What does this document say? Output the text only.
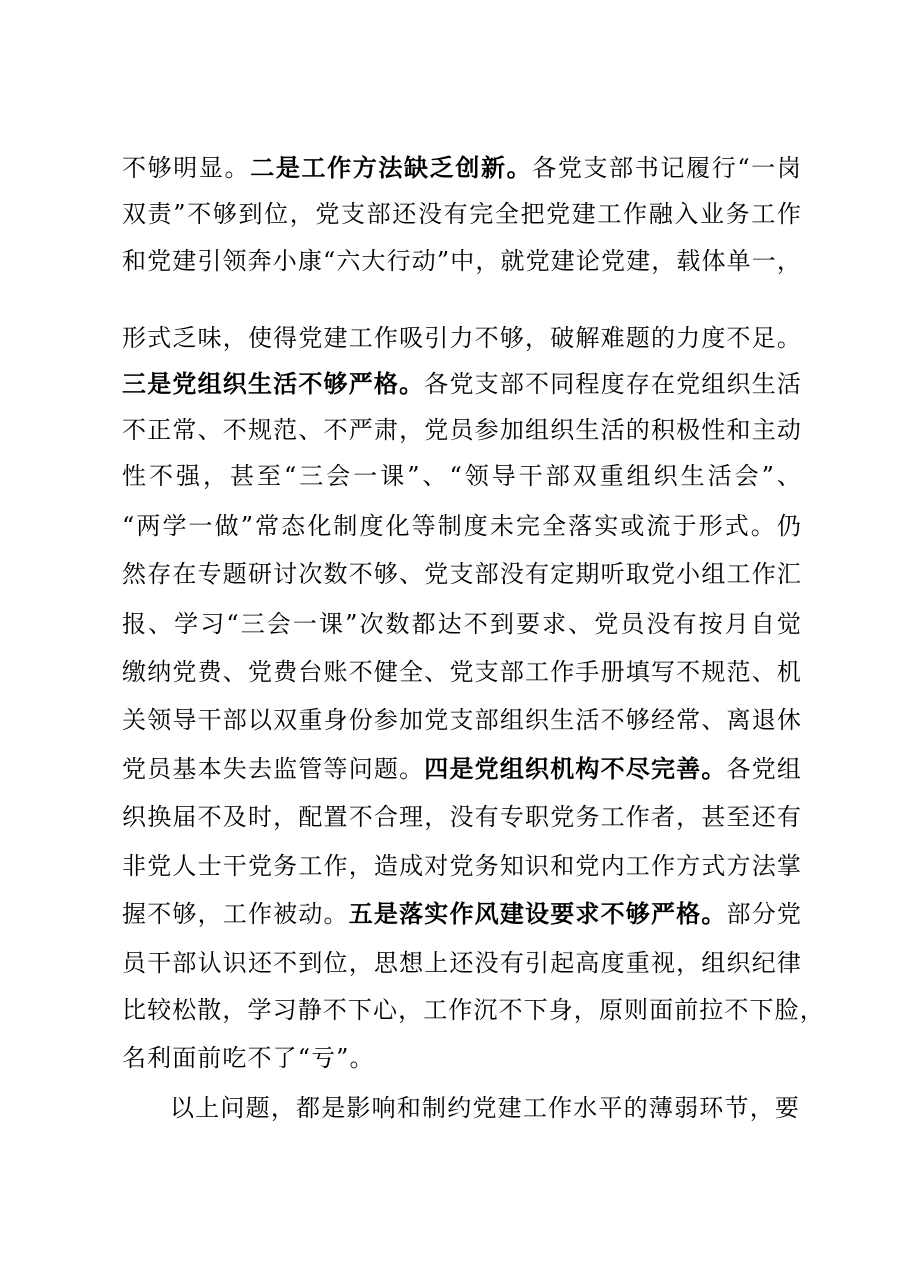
不够明显。二是工作方法缺乏创新。各党支部书记履行“一岗
双责”不够到位，党支部还没有完全把党建工作融入业务工作
和党建引领奔小康“六大行动”中，就党建论党建，载体单一，
形式乏味，使得党建工作吸引力不够，破解难题的力度不足。
三是党组织生活不够严格。各党支部不同程度存在党组织生活
不正常、不规范、不严肃，党员参加组织生活的积极性和主动
性不强，甚至“三会一课”、“领导干部双重组织生活会”、
“两学一做”常态化制度化等制度未完全落实或流于形式。仍
然存在专题研讨次数不够、党支部没有定期听取党小组工作汇
报、学习“三会一课”次数都达不到要求、党员没有按月自觉
缴纳党费、党费台账不健全、党支部工作手册填写不规范、机
关领导干部以双重身份参加党支部组织生活不够经常、离退休
党员基本失去监管等问题。四是党组织机构不尽完善。各党组
织换届不及时，配置不合理，没有专职党务工作者，甚至还有
非党人士干党务工作，造成对党务知识和党内工作方式方法掌
握不够，工作被动。五是落实作风建设要求不够严格。部分党
员干部认识还不到位，思想上还没有引起高度重视，组织纪律
比较松散，学习静不下心，工作沉不下身，原则面前拉不下脸，
名利面前吃不了“亏”。
以上问题，都是影响和制约党建工作水平的薄弱环节，要
